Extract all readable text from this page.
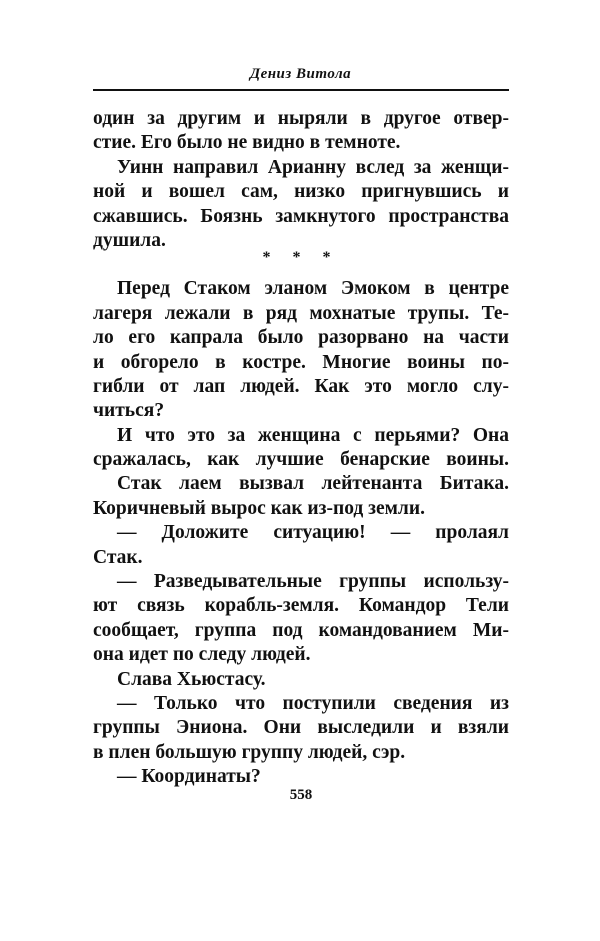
Дениз Витола
один за другим и ныряли в другое отвер-
стие. Его было не видно в темноте.
Уинн направил Арианну вслед за женщи-
ной и вошел сам, низко пригнувшись и
сжавшись. Боязнь замкнутого пространства
душила.
* * *
Перед Стаком эланом Эмоком в центре
лагеря лежали в ряд мохнатые трупы. Те-
ло его капрала было разорвано на части
и обгорело в костре. Многие воины по-
гибли от лап людей. Как это могло слу-
читься?
И что это за женщина с перьями? Она
сражалась, как лучшие бенарские воины.
Стак лаем вызвал лейтенанта Битака.
Коричневый вырос как из-под земли.
— Доложите ситуацию! — пролаял
Стак.
— Разведывательные группы использу-
ют связь корабль-земля. Командор Тели
сообщает, группа под командованием Ми-
она идет по следу людей.
Слава Хьюстасу.
— Только что поступили сведения из
группы Эниона. Они выследили и взяли
в плен большую группу людей, сэр.
— Координаты?
558
